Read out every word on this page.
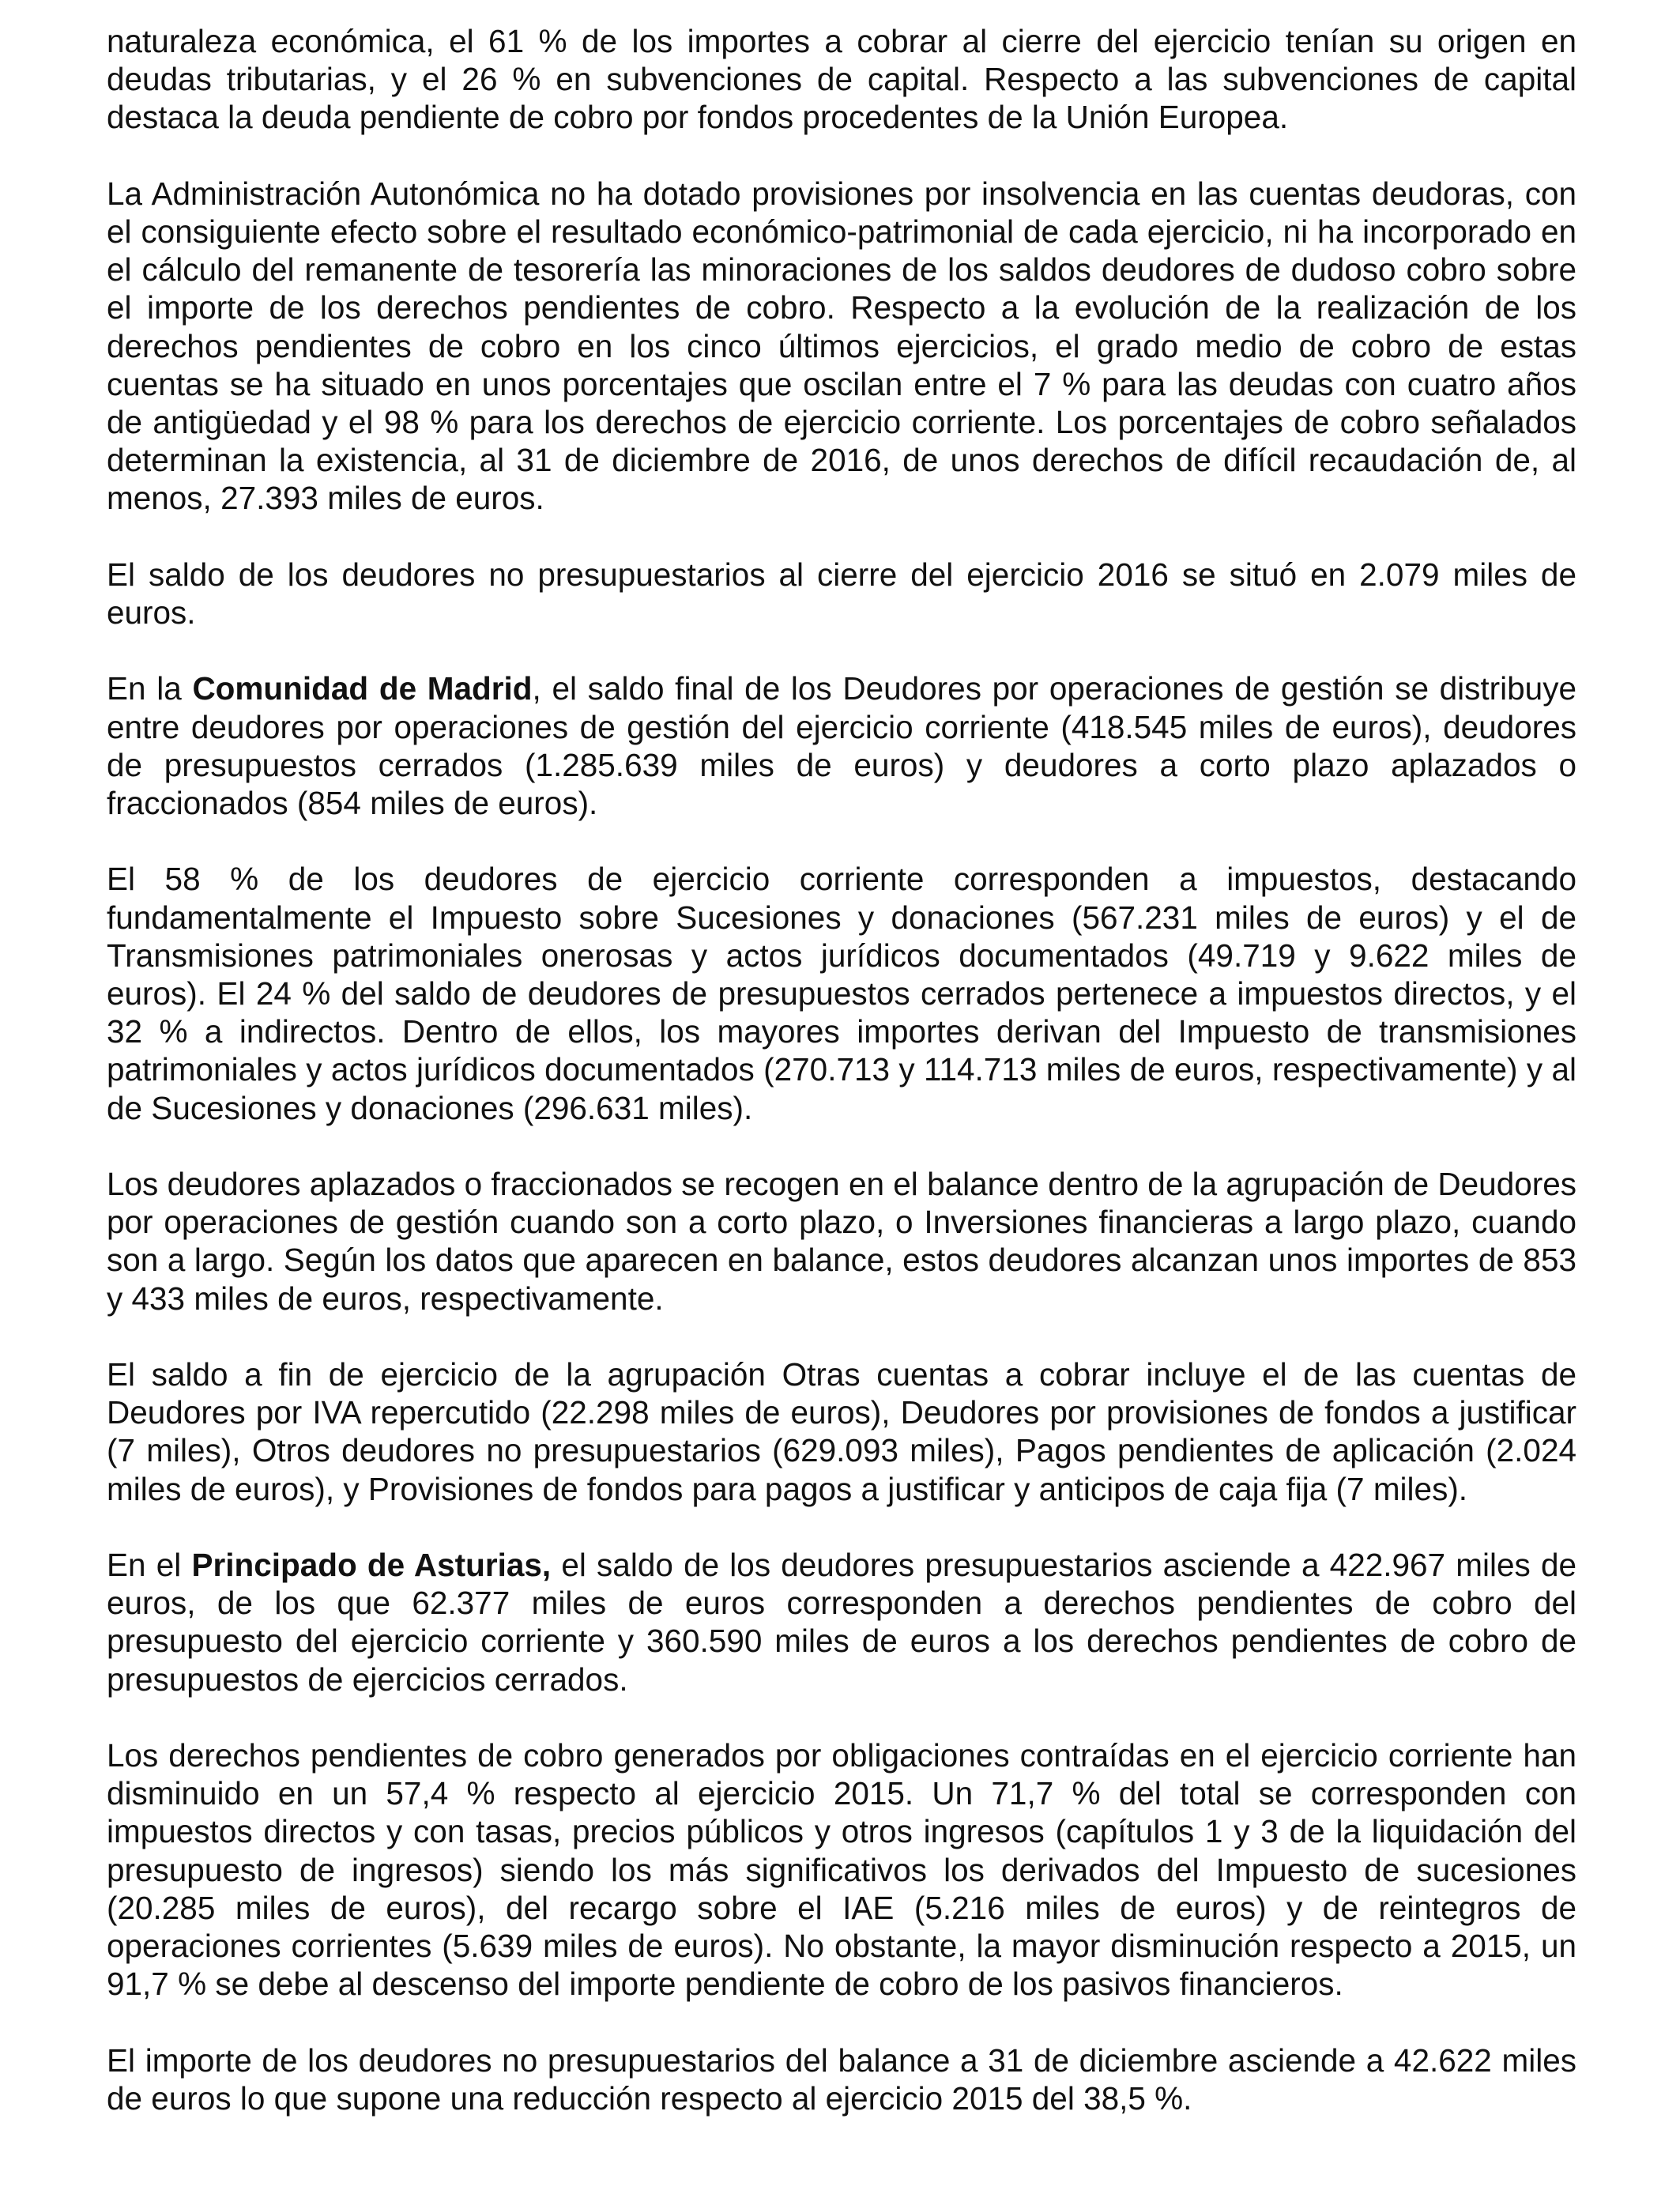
naturaleza económica, el 61 % de los importes a cobrar al cierre del ejercicio tenían su origen en deudas tributarias, y el 26 % en subvenciones de capital. Respecto a las subvenciones de capital destaca la deuda pendiente de cobro por fondos procedentes de la Unión Europea.

La Administración Autonómica no ha dotado provisiones por insolvencia en las cuentas deudoras, con el consiguiente efecto sobre el resultado económico-patrimonial de cada ejercicio, ni ha incorporado en el cálculo del remanente de tesorería las minoraciones de los saldos deudores de dudoso cobro sobre el importe de los derechos pendientes de cobro. Respecto a la evolución de la realización de los derechos pendientes de cobro en los cinco últimos ejercicios, el grado medio de cobro de estas cuentas se ha situado en unos porcentajes que oscilan entre el 7 % para las deudas con cuatro años de antigüedad y el 98 % para los derechos de ejercicio corriente. Los porcentajes de cobro señalados determinan la existencia, al 31 de diciembre de 2016, de unos derechos de difícil recaudación de, al menos, 27.393 miles de euros.

El saldo de los deudores no presupuestarios al cierre del ejercicio 2016 se situó en 2.079 miles de euros.

En la Comunidad de Madrid, el saldo final de los Deudores por operaciones de gestión se distribuye entre deudores por operaciones de gestión del ejercicio corriente (418.545 miles de euros), deudores de presupuestos cerrados (1.285.639 miles de euros) y deudores a corto plazo aplazados o fraccionados (854 miles de euros).

El 58 % de los deudores de ejercicio corriente corresponden a impuestos, destacando fundamentalmente el Impuesto sobre Sucesiones y donaciones (567.231 miles de euros) y el de Transmisiones patrimoniales onerosas y actos jurídicos documentados (49.719 y 9.622 miles de euros). El 24 % del saldo de deudores de presupuestos cerrados pertenece a impuestos directos, y el 32 % a indirectos. Dentro de ellos, los mayores importes derivan del Impuesto de transmisiones patrimoniales y actos jurídicos documentados (270.713 y 114.713 miles de euros, respectivamente) y al de Sucesiones y donaciones (296.631 miles).

Los deudores aplazados o fraccionados se recogen en el balance dentro de la agrupación de Deudores por operaciones de gestión cuando son a corto plazo, o Inversiones financieras a largo plazo, cuando son a largo. Según los datos que aparecen en balance, estos deudores alcanzan unos importes de 853 y 433 miles de euros, respectivamente.

El saldo a fin de ejercicio de la agrupación Otras cuentas a cobrar incluye el de las cuentas de Deudores por IVA repercutido (22.298 miles de euros), Deudores por provisiones de fondos a justificar (7 miles), Otros deudores no presupuestarios (629.093 miles), Pagos pendientes de aplicación (2.024 miles de euros), y Provisiones de fondos para pagos a justificar y anticipos de caja fija (7 miles).

En el Principado de Asturias, el saldo de los deudores presupuestarios asciende a 422.967 miles de euros, de los que 62.377 miles de euros corresponden a derechos pendientes de cobro del presupuesto del ejercicio corriente y 360.590 miles de euros a los derechos pendientes de cobro de presupuestos de ejercicios cerrados.

Los derechos pendientes de cobro generados por obligaciones contraídas en el ejercicio corriente han disminuido en un 57,4 % respecto al ejercicio 2015. Un 71,7 % del total se corresponden con impuestos directos y con tasas, precios públicos y otros ingresos (capítulos 1 y 3 de la liquidación del presupuesto de ingresos) siendo los más significativos los derivados del Impuesto de sucesiones (20.285 miles de euros), del recargo sobre el IAE (5.216 miles de euros) y de reintegros de operaciones corrientes (5.639 miles de euros). No obstante, la mayor disminución respecto a 2015, un 91,7 % se debe al descenso del importe pendiente de cobro de los pasivos financieros.

El importe de los deudores no presupuestarios del balance a 31 de diciembre asciende a 42.622 miles de euros lo que supone una reducción respecto al ejercicio 2015 del 38,5 %.
